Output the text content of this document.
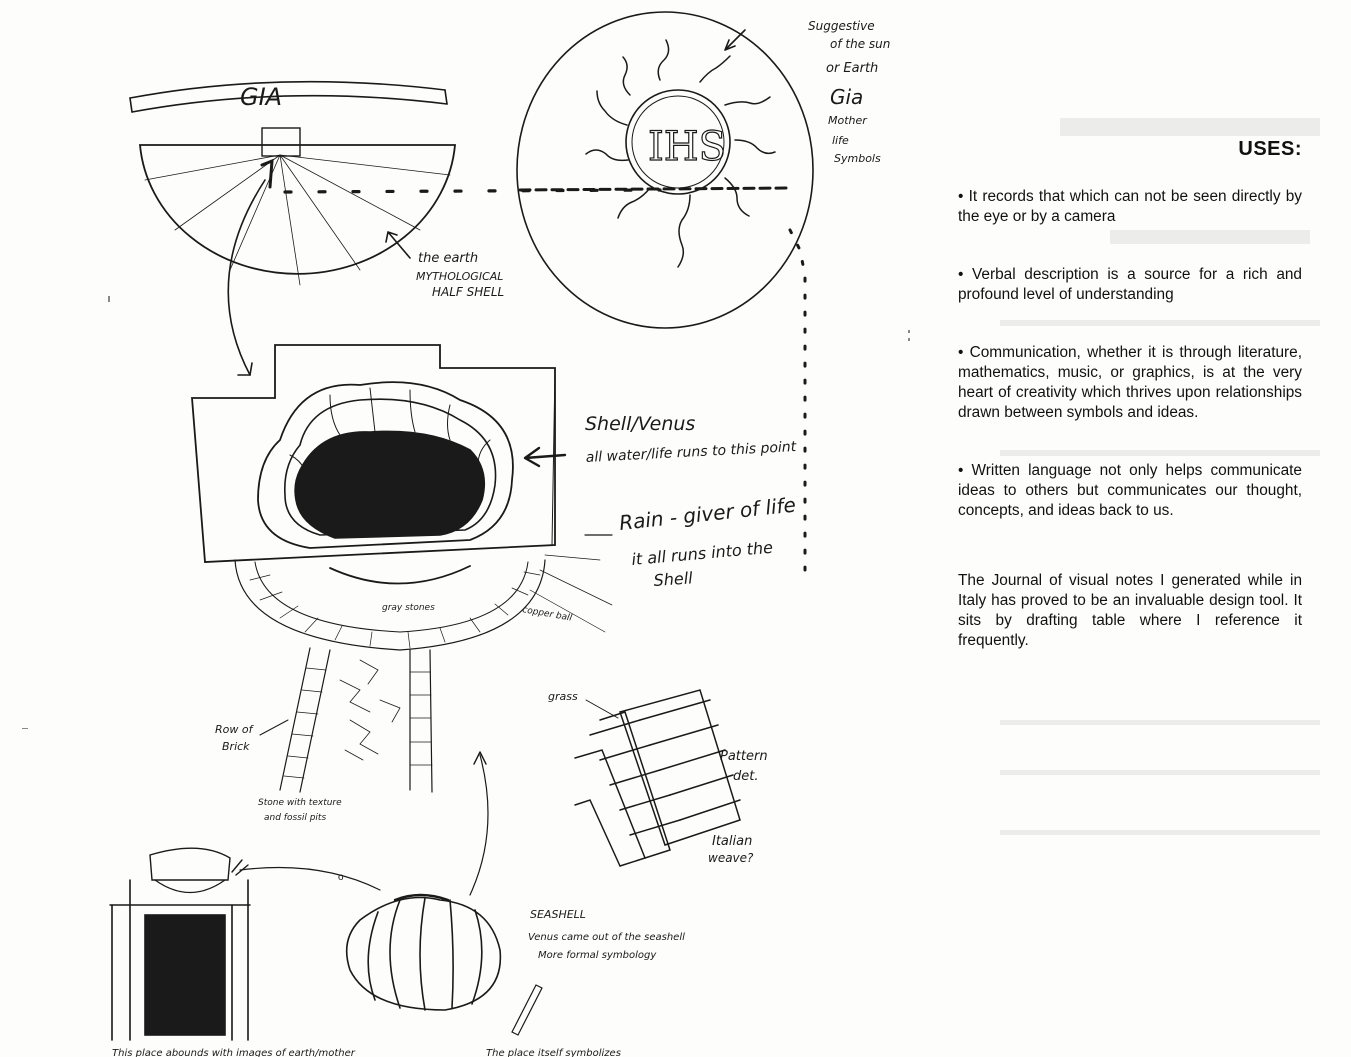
GIA
the earth
MYTHOLOGICAL
HALF SHELL
IHS
Suggestive
of the sun
or Earth
Gia
Mother
life
Symbols
Shell/Venus
all water/life runs to this point
Rain - giver of life
it all runs into the
Shell
gray stones	copper ball
Row of
Brick
Stone with texture
and fossil pits
grass
Pattern
det.
Italian
weave?
o
SEASHELL
Venus came out of the seashell
More formal symbology
This place abounds with images of earth/mother	The place itself symbolizes
USES:

• It records that which can not be seen directly by the eye or by a camera

• Verbal description is a source for a rich and profound level of understanding

• Communication, whether it is through literature, mathematics, music, or graphics, is at the very heart of creativity which thrives upon relationships drawn between symbols and ideas.

• Written language not only helps communicate ideas to others but communicates our thought, concepts, and ideas back to us.

The Journal of visual notes I generated while in Italy has proved to be an invaluable design tool. It sits by drafting table where I reference it frequently.
